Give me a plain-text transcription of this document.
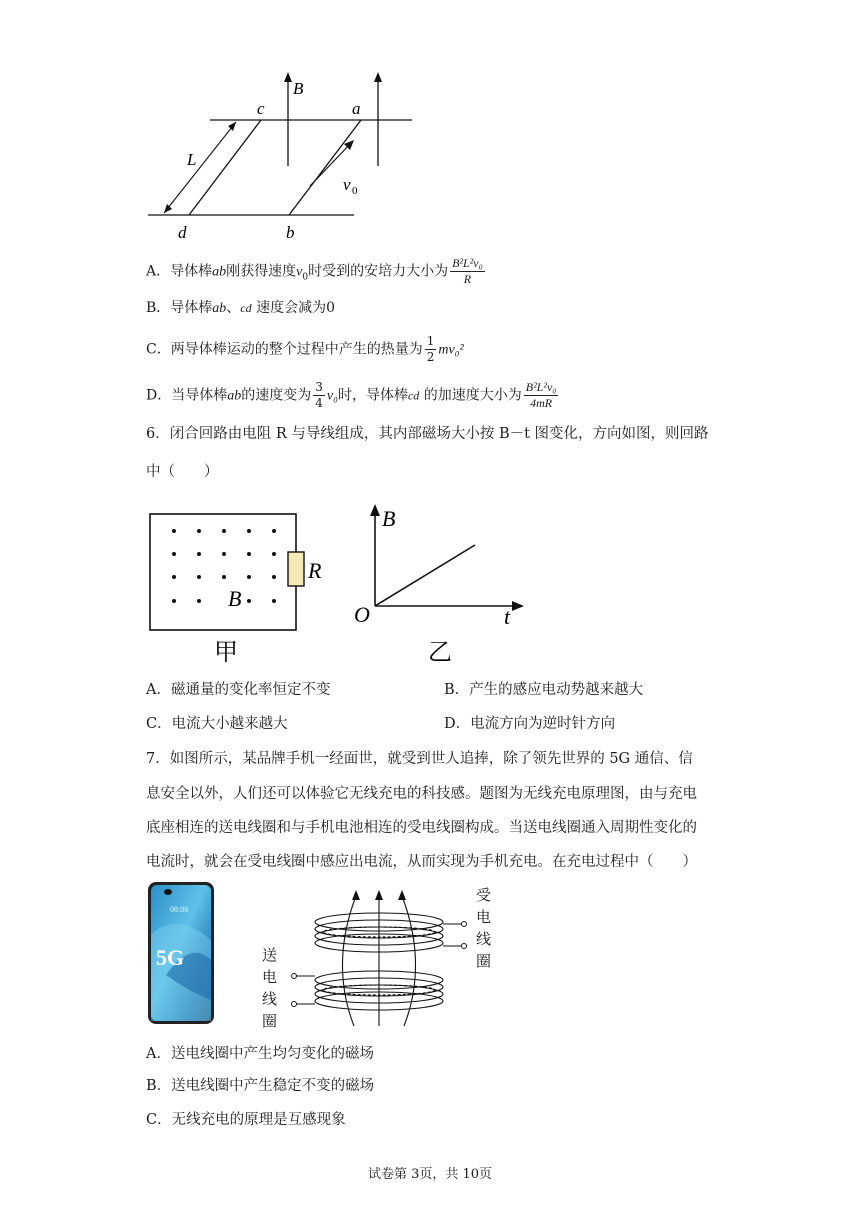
B
c	a
L
v 0
d	b
A．导体棒ab刚获得速度$v_0$时受到的安培力大小为 $\frac{\text{B²L²v₀}}{R}$
B．导体棒ab、cd 速度会减为0
C．两导体棒运动的整个过程中产生的热量为 $\frac{1}{2} mv_0^2$
D．当导体棒ab的速度变为 $\frac{3}{4} v_0$时，导体棒cd 的加速度大小为 $\frac{\text{B²L²v₀}}{4mR}$
6．闭合回路由电阻 R 与导线组成，其内部磁场大小按 B－t 图变化，方向如图，则回路
中（　　）
R
B
甲
B
O	t
乙
A．磁通量的变化率恒定不变	B．产生的感应电动势越来越大
C．电流大小越来越大	D．电流方向为逆时针方向
7．如图所示，某品牌手机一经面世，就受到世人追捧，除了领先世界的 5G 通信、信
息安全以外，人们还可以体验它无线充电的科技感。题图为无线充电原理图，由与充电
底座相连的送电线圈和与手机电池相连的受电线圈构成。当送电线圈通入周期性变化的
电流时，就会在受电线圈中感应出电流，从而实现为手机充电。在充电过程中（　　）
08:08
5G
受电线圈
送电线圈
A．送电线圈中产生均匀变化的磁场
B．送电线圈中产生稳定不变的磁场
C．无线充电的原理是互感现象
试卷第 3页，共 10页
